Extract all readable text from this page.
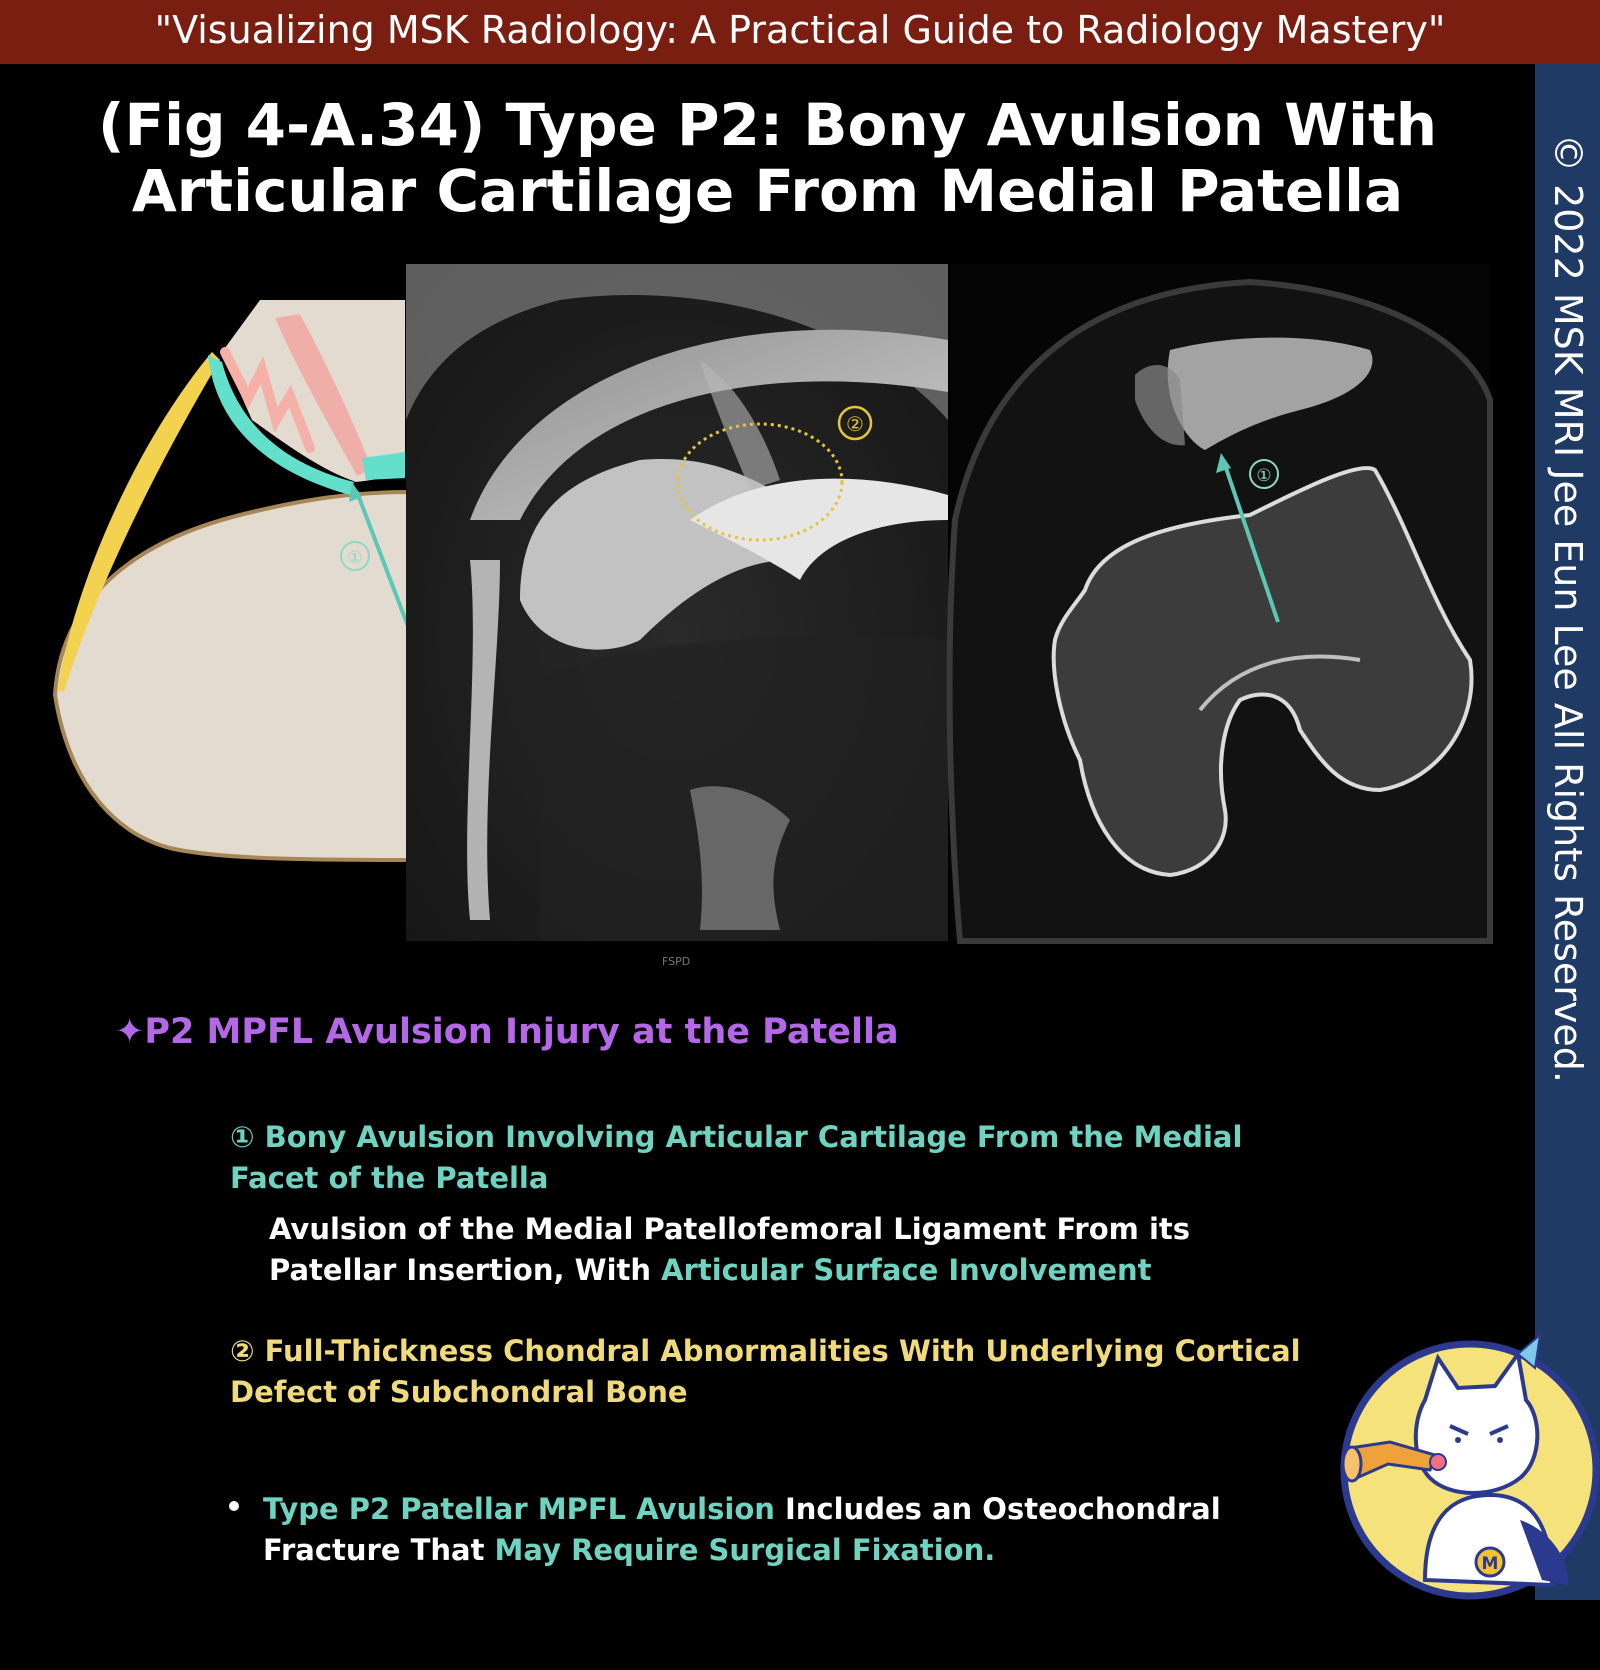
"Visualizing MSK Radiology: A Practical Guide to Radiology Mastery"
© 2022 MSK MRI Jee Eun Lee All Rights Reserved.
(Fig 4-A.34) Type P2: Bony Avulsion With
Articular Cartilage From Medial Patella
①
②
①
FSPD
✦P2 MPFL Avulsion Injury at the Patella
① Bony Avulsion Involving Articular Cartilage From the Medial
Facet of the Patella
Avulsion of the Medial Patellofemoral Ligament From its
Patellar Insertion, With Articular Surface Involvement
② Full-Thickness Chondral Abnormalities With Underlying Cortical
Defect of Subchondral Bone
Type P2 Patellar MPFL Avulsion Includes an Osteochondral
Fracture That May Require Surgical Fixation.	M
